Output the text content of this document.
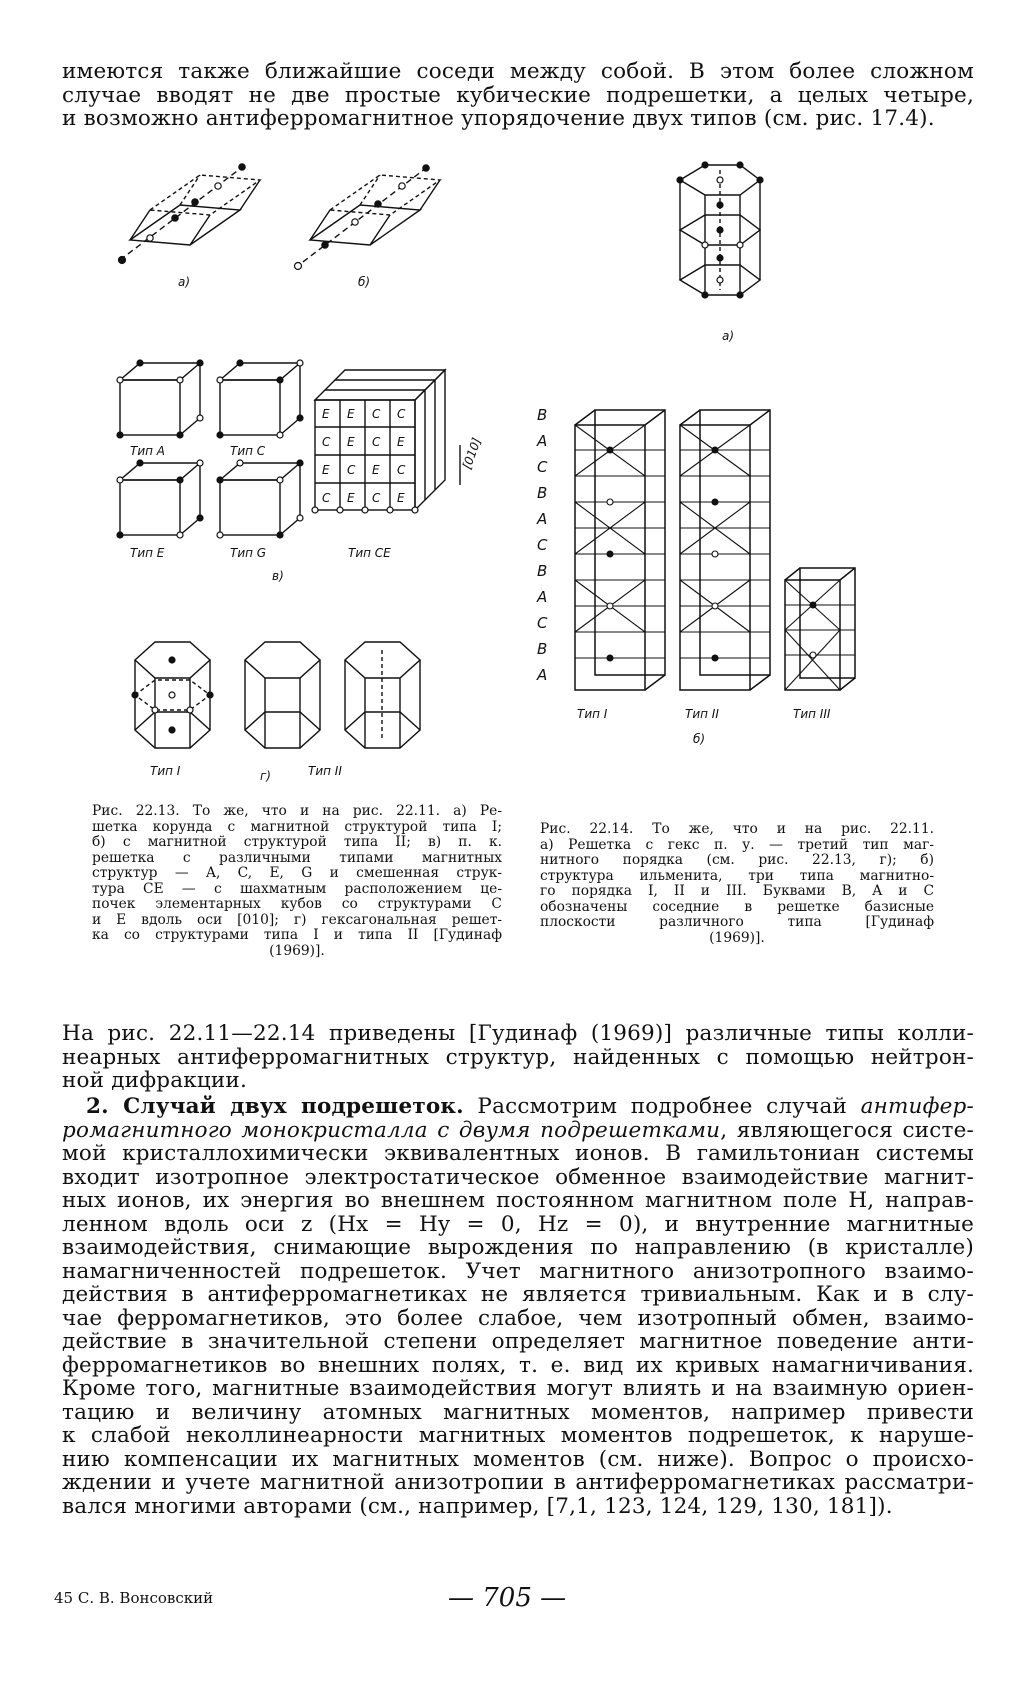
имеются также ближайшие соседи между собой. В этом более сложном
случае вводят не две простые кубические подрешетки, а целых четыре,
и возможно антиферромагнитное упорядочение двух типов (см. рис. 17.4).
a)	б)
a)
Тип A	Тип C
Тип E	Тип G	Тип CE
в)
[010]
E E C C
C E C E
E C E C
C E C E
Тип I	Тип II
г)
B
A
C
B
A
C
B
A
C
B
A
Тип I	Тип II	Тип III
б)
Рис. 22.13. То же, что и на рис. 22.11. а) Ре-
шетка корунда с магнитной структурой типа I;
б) с магнитной структурой типа II; в) п. к.
решетка с различными типами магнитных
структур — A, C, E, G и смешенная струк-
тура CE — с шахматным расположением це-
почек элементарных кубов со структурами C
и E вдоль оси [010]; г) гексагональная решет-
ка со структурами типа I и типа II [Гудинаф
(1969)].
Рис. 22.14. То же, что и на рис. 22.11.
а) Решетка с гекс п. у. — третий тип маг-
нитного порядка (см. рис. 22.13, г); б)
структура ильменита, три типа магнитно-
го порядка I, II и III. Буквами B, A и C
обозначены соседние в решетке базисные
плоскости различного типа [Гудинаф
(1969)].
На рис. 22.11—22.14 приведены [Гудинаф (1969)] различные типы колли-
неарных антиферромагнитных структур, найденных с помощью нейтрон-
ной дифракции.
2. Случай двух подрешеток. Рассмотрим подробнее случай антифер-
ромагнитного монокристалла с двумя подрешетками, являющегося систе-
мой кристаллохимически эквивалентных ионов. В гамильтониан системы
входит изотропное электростатическое обменное взаимодействие магнит-
ных ионов, их энергия во внешнем постоянном магнитном поле H, направ-
ленном вдоль оси z (Hx = Hy = 0, Hz = 0), и внутренние магнитные
взаимодействия, снимающие вырождения по направлению (в кристалле)
намагниченностей подрешеток. Учет магнитного анизотропного взаимо-
действия в антиферромагнетиках не является тривиальным. Как и в слу-
чае ферромагнетиков, это более слабое, чем изотропный обмен, взаимо-
действие в значительной степени определяет магнитное поведение анти-
ферромагнетиков во внешних полях, т. е. вид их кривых намагничивания.
Кроме того, магнитные взаимодействия могут влиять и на взаимную ориен-
тацию и величину атомных магнитных моментов, например привести
к слабой неколлинеарности магнитных моментов подрешеток, к наруше-
нию компенсации их магнитных моментов (см. ниже). Вопрос о происхо-
ждении и учете магнитной анизотропии в антиферромагнетиках рассматри-
вался многими авторами (см., например, [7,1, 123, 124, 129, 130, 181]).
45 С. В. Вонсовский	— 705 —
